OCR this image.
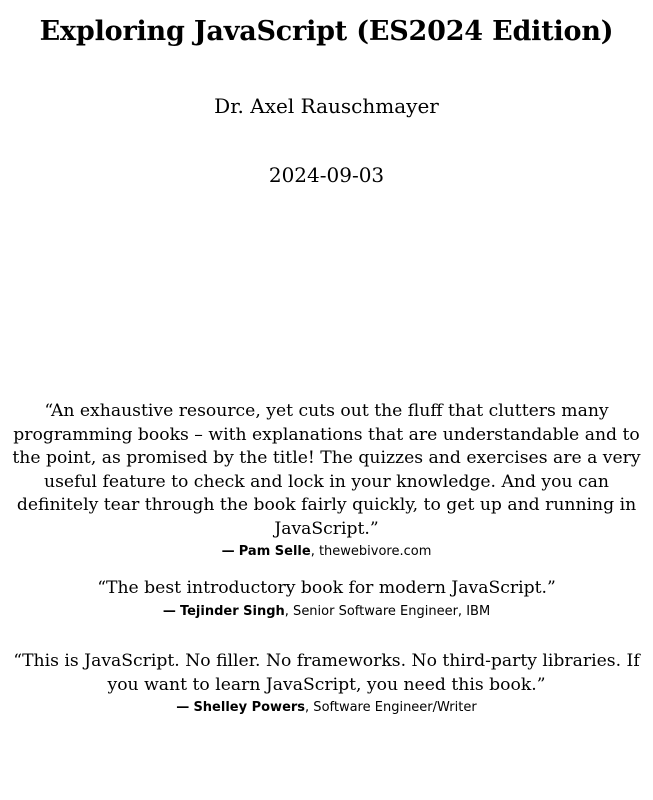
Exploring JavaScript (ES2024 Edition)
Dr. Axel Rauschmayer
2024-09-03

“An exhaustive resource, yet cuts out the fluff that clutters many programming books – with explanations that are understandable and to the point, as promised by the title! The quizzes and exercises are a very useful feature to check and lock in your knowledge. And you can definitely tear through the book fairly quickly, to get up and running in JavaScript.”

— Pam Selle, thewebivore.com

“The best introductory book for modern JavaScript.”

— Tejinder Singh, Senior Software Engineer, IBM

“This is JavaScript. No filler. No frameworks. No third-party libraries. If you want to learn JavaScript, you need this book.”

— Shelley Powers, Software Engineer/Writer
